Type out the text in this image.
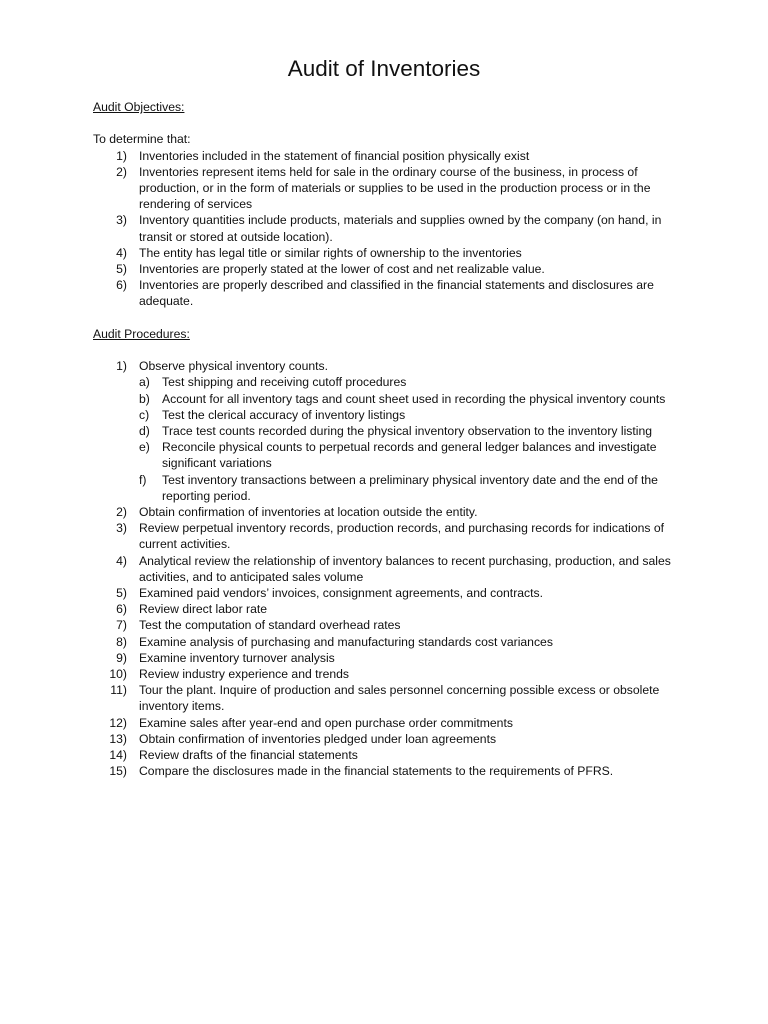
Audit of Inventories

Audit Objectives:

To determine that:

1) Inventories included in the statement of financial position physically exist
2) Inventories represent items held for sale in the ordinary course of the business, in process of production, or in the form of materials or supplies to be used in the production process or in the rendering of services
3) Inventory quantities include products, materials and supplies owned by the company (on hand, in transit or stored at outside location).
4) The entity has legal title or similar rights of ownership to the inventories
5) Inventories are properly stated at the lower of cost and net realizable value.
6) Inventories are properly described and classified in the financial statements and disclosures are adequate.

Audit Procedures:

1) Observe physical inventory counts.
a) Test shipping and receiving cutoff procedures
b) Account for all inventory tags and count sheet used in recording the physical inventory counts
c)	Test the clerical accuracy of inventory listings
d) Trace test counts recorded during the physical inventory observation to the inventory listing
e) Reconcile physical counts to perpetual records and general ledger balances and investigate significant variations
f)	Test inventory transactions between a preliminary physical inventory date and the end of the reporting period.
2) Obtain confirmation of inventories at location outside the entity.
3) Review perpetual inventory records, production records, and purchasing records for indications of current activities.
4) Analytical review the relationship of inventory balances to recent purchasing, production, and sales activities, and to anticipated sales volume
5) Examined paid vendors’ invoices, consignment agreements, and contracts.
6) Review direct labor rate
7) Test the computation of standard overhead rates
8) Examine analysis of purchasing and manufacturing standards cost variances
9) Examine inventory turnover analysis
10) Review industry experience and trends
11) Tour the plant. Inquire of production and sales personnel concerning possible excess or obsolete inventory items.
12) Examine sales after year-end and open purchase order commitments
13) Obtain confirmation of inventories pledged under loan agreements
14) Review drafts of the financial statements
15) Compare the disclosures made in the financial statements to the requirements of PFRS.
